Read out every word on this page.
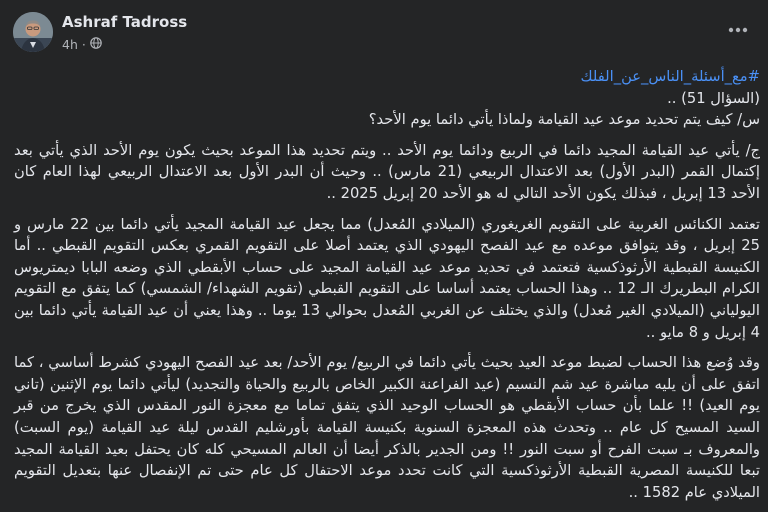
Ashraf Tadross
4h ·

#مع_أسئلة_الناس_عن_الفلك
(السؤال 51) ..
س/ كيف يتم تحديد موعد عيد القيامة ولماذا يأتي دائما يوم الأحد؟

ج/ يأتي عيد القيامة المجيد دائما في الربيع ودائما يوم الأحد .. ويتم تحديد هذا الموعد بحيث يكون يوم الأحد الذي يأتي بعد إكتمال القمر (البدر الأول) بعد الاعتدال الربيعي (21 مارس) .. وحيث أن البدر الأول بعد الاعتدال الربيعي لهذا العام كان الأحد 13 إبريل ، فبذلك يكون الأحد التالي له هو الأحد 20 إبريل 2025 ..

تعتمد الكنائس الغربية على التقويم الغريغوري (الميلادي المُعدل) مما يجعل عيد القيامة المجيد يأتي دائما بين 22 مارس و 25 إبريل ، وقد يتوافق موعده مع عيد الفصح اليهودي الذي يعتمد أصلا على التقويم القمري بعكس التقويم القبطي .. أما الكنيسة القبطية الأرثوذكسية فتعتمد في تحديد موعد عيد القيامة المجيد على حساب الأبقطي الذي وضعه البابا ديمتريوس الكرام البطريرك الـ 12 .. وهذا الحساب يعتمد أساسا على التقويم القبطي (تقويم الشهداء/ الشمسي) كما يتفق مع التقويم اليولياني (الميلادي الغير مُعدل) والذي يختلف عن الغربي المُعدل بحوالي 13 يوما .. وهذا يعني أن عيد القيامة يأتي دائما بين 4 إبريل و 8 مايو ..

وقد وُضع هذا الحساب لضبط موعد العيد بحيث يأتي دائما في الربيع/ يوم الأحد/ بعد عيد الفصح اليهودي كشرط أساسي ، كما اتفق على أن يليه مباشرة عيد شم النسيم (عيد الفراعنة الكبير الخاص بالربيع والحياة والتجديد) ليأتي دائما يوم الإثنين (تاني يوم العيد) !! علما بأن حساب الأبقطي هو الحساب الوحيد الذي يتفق تماما مع معجزة النور المقدس الذي يخرج من قبر السيد المسيح كل عام .. وتحدث هذه المعجزة السنوية بكنيسة القيامة بأورشليم القدس ليلة عيد القيامة (يوم السبت) والمعروف بـ سبت الفرح أو سبت النور !! ومن الجدير بالذكر أيضا أن العالم المسيحي كله كان يحتفل بعيد القيامة المجيد تبعا للكنيسة المصرية القبطية الأرثوذكسية التي كانت تحدد موعد الاحتفال كل عام حتى تم الإنفصال عنها بتعديل التقويم الميلادي عام 1582 ..
